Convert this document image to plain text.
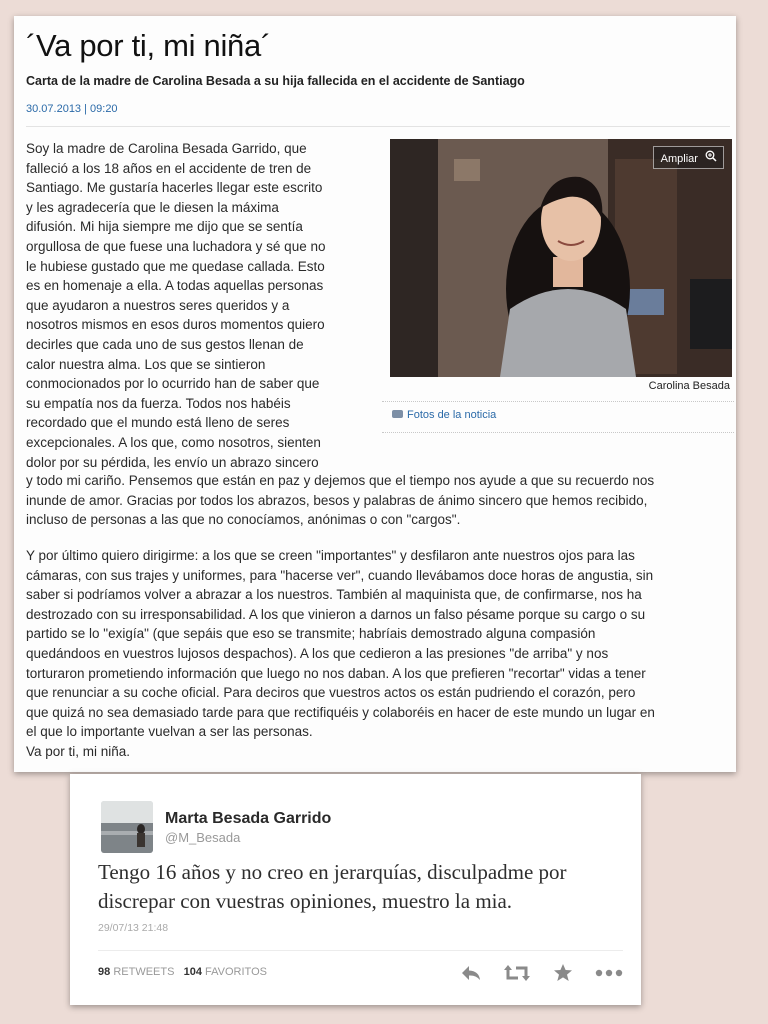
´Va por ti, mi niña´
Carta de la madre de Carolina Besada a su hija fallecida en el accidente de Santiago
30.07.2013 | 09:20
Ampliar
Carolina Besada
Fotos de la noticia
Soy la madre de Carolina Besada Garrido, que
falleció a los 18 años en el accidente de tren de
Santiago. Me gustaría hacerles llegar este escrito
y les agradecería que le diesen la máxima
difusión. Mi hija siempre me dijo que se sentía
orgullosa de que fuese una luchadora y sé que no
le hubiese gustado que me quedase callada. Esto
es en homenaje a ella. A todas aquellas personas
que ayudaron a nuestros seres queridos y a
nosotros mismos en esos duros momentos quiero
decirles que cada uno de sus gestos llenan de
calor nuestra alma. Los que se sintieron
conmocionados por lo ocurrido han de saber que
su empatía nos da fuerza. Todos nos habéis
recordado que el mundo está lleno de seres
excepcionales. A los que, como nosotros, sienten
dolor por su pérdida, les envío un abrazo sincero
y todo mi cariño. Pensemos que están en paz y dejemos que el tiempo nos ayude a que su recuerdo nos
inunde de amor. Gracias por todos los abrazos, besos y palabras de ánimo sincero que hemos recibido,
incluso de personas a las que no conocíamos, anónimas o con "cargos".
Y por último quiero dirigirme: a los que se creen "importantes" y desfilaron ante nuestros ojos para las
cámaras, con sus trajes y uniformes, para "hacerse ver", cuando llevábamos doce horas de angustia, sin
saber si podríamos volver a abrazar a los nuestros. También al maquinista que, de confirmarse, nos ha
destrozado con su irresponsabilidad. A los que vinieron a darnos un falso pésame porque su cargo o su
partido se lo "exigía" (que sepáis que eso se transmite; habríais demostrado alguna compasión
quedándoos en vuestros lujosos despachos). A los que cedieron a las presiones "de arriba" y nos
torturaron prometiendo información que luego no nos daban. A los que prefieren "recortar" vidas a tener
que renunciar a su coche oficial. Para deciros que vuestros actos os están pudriendo el corazón, pero
que quizá no sea demasiado tarde para que rectifiquéis y colaboréis en hacer de este mundo un lugar en
el que lo importante vuelvan a ser las personas.
Va por ti, mi niña.
Marta Besada Garrido
@M_Besada
Tengo 16 años y no creo en jerarquías, disculpadme por discrepar con vuestras opiniones, muestro la mia.
29/07/13 21:48
98 RETWEETS 104 FAVORITOS
